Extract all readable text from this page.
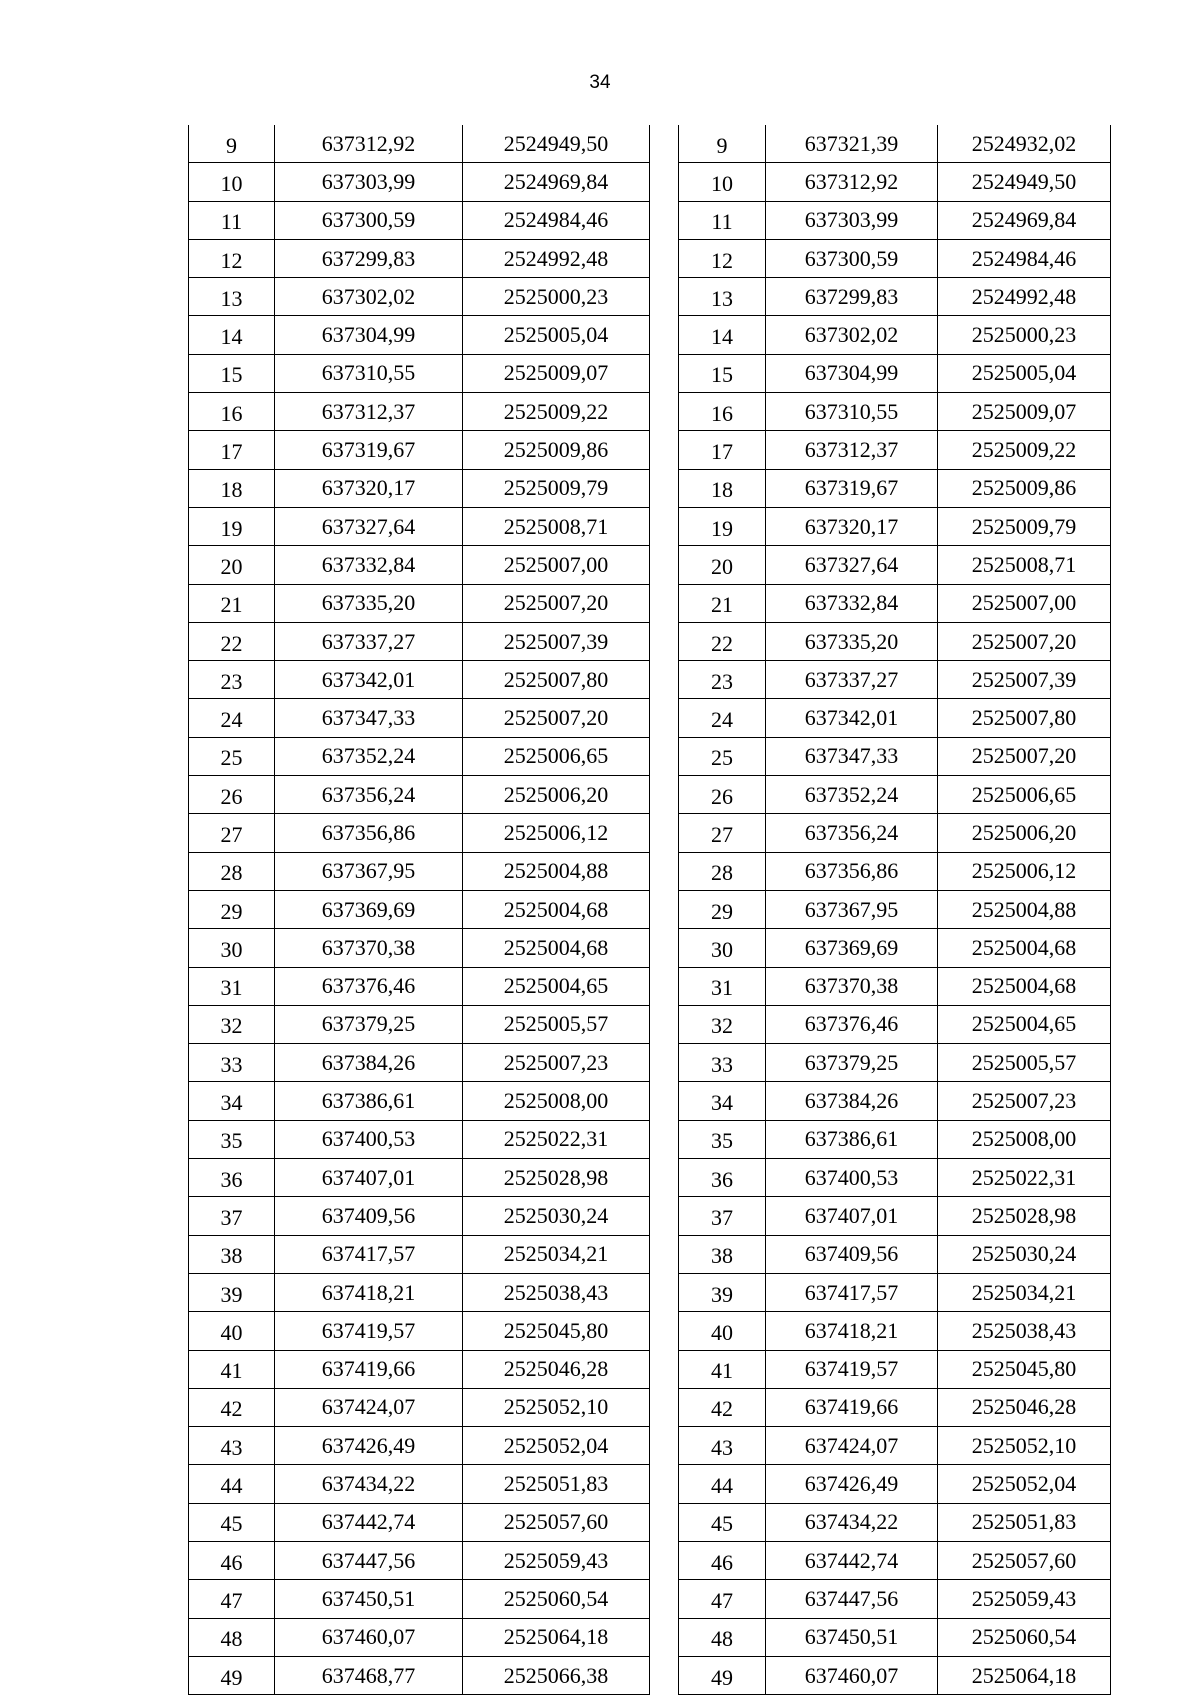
34
9	637312,92	2524949,50
10	637303,99	2524969,84
11	637300,59	2524984,46
12	637299,83	2524992,48
13	637302,02	2525000,23
14	637304,99	2525005,04
15	637310,55	2525009,07
16	637312,37	2525009,22
17	637319,67	2525009,86
18	637320,17	2525009,79
19	637327,64	2525008,71
20	637332,84	2525007,00
21	637335,20	2525007,20
22	637337,27	2525007,39
23	637342,01	2525007,80
24	637347,33	2525007,20
25	637352,24	2525006,65
26	637356,24	2525006,20
27	637356,86	2525006,12
28	637367,95	2525004,88
29	637369,69	2525004,68
30	637370,38	2525004,68
31	637376,46	2525004,65
32	637379,25	2525005,57
33	637384,26	2525007,23
34	637386,61	2525008,00
35	637400,53	2525022,31
36	637407,01	2525028,98
37	637409,56	2525030,24
38	637417,57	2525034,21
39	637418,21	2525038,43
40	637419,57	2525045,80
41	637419,66	2525046,28
42	637424,07	2525052,10
43	637426,49	2525052,04
44	637434,22	2525051,83
45	637442,74	2525057,60
46	637447,56	2525059,43
47	637450,51	2525060,54
48	637460,07	2525064,18
49	637468,77	2525066,38
9	637321,39	2524932,02
10	637312,92	2524949,50
11	637303,99	2524969,84
12	637300,59	2524984,46
13	637299,83	2524992,48
14	637302,02	2525000,23
15	637304,99	2525005,04
16	637310,55	2525009,07
17	637312,37	2525009,22
18	637319,67	2525009,86
19	637320,17	2525009,79
20	637327,64	2525008,71
21	637332,84	2525007,00
22	637335,20	2525007,20
23	637337,27	2525007,39
24	637342,01	2525007,80
25	637347,33	2525007,20
26	637352,24	2525006,65
27	637356,24	2525006,20
28	637356,86	2525006,12
29	637367,95	2525004,88
30	637369,69	2525004,68
31	637370,38	2525004,68
32	637376,46	2525004,65
33	637379,25	2525005,57
34	637384,26	2525007,23
35	637386,61	2525008,00
36	637400,53	2525022,31
37	637407,01	2525028,98
38	637409,56	2525030,24
39	637417,57	2525034,21
40	637418,21	2525038,43
41	637419,57	2525045,80
42	637419,66	2525046,28
43	637424,07	2525052,10
44	637426,49	2525052,04
45	637434,22	2525051,83
46	637442,74	2525057,60
47	637447,56	2525059,43
48	637450,51	2525060,54
49	637460,07	2525064,18
